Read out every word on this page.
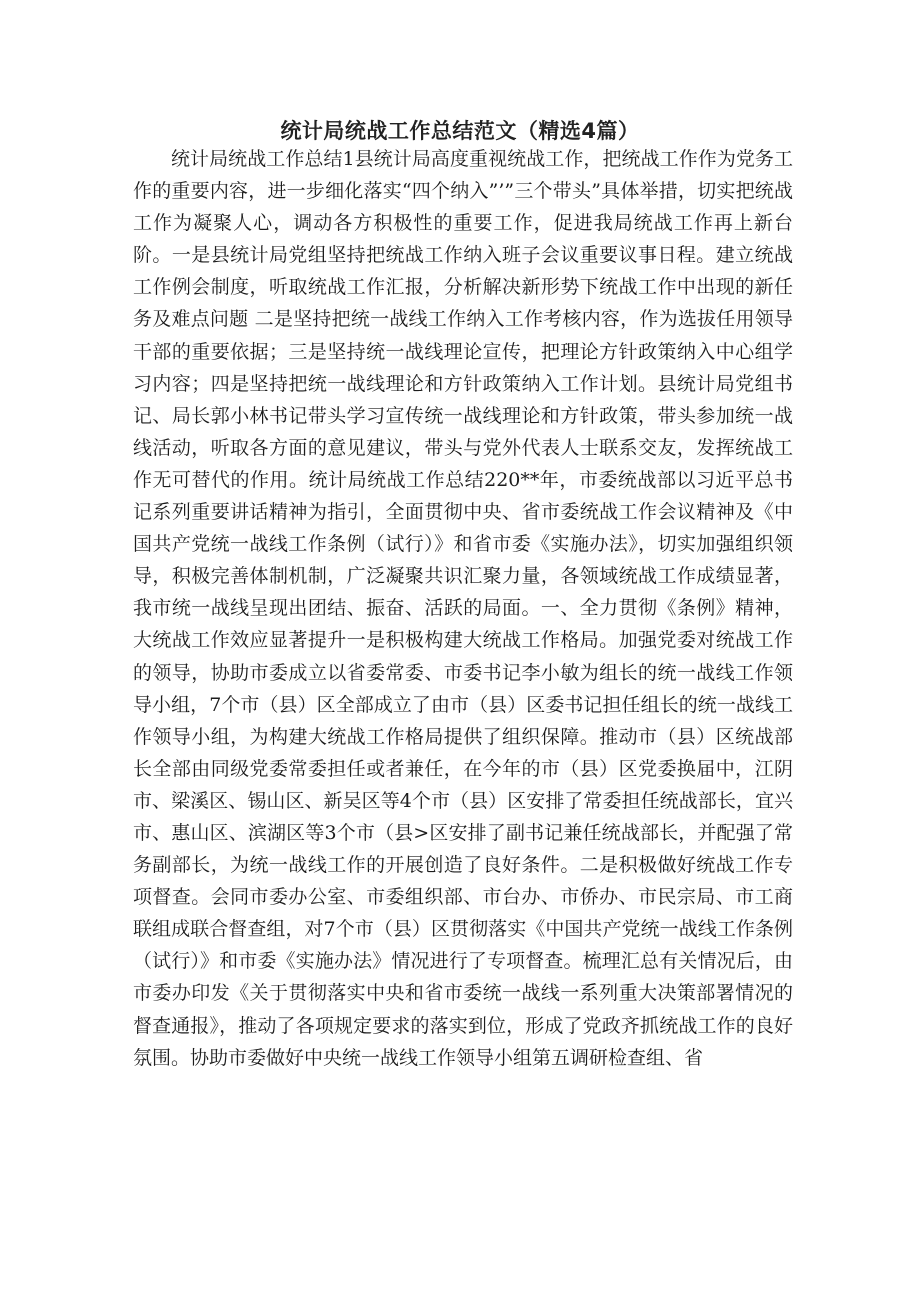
统计局统战工作总结范文（精选4篇）

统计局统战工作总结1县统计局高度重视统战工作，把统战工作作为党务工作的重要内容，进一步细化落实“四个纳入”’”三个带头”具体举措，切实把统战工作为凝聚人心，调动各方积极性的重要工作，促进我局统战工作再上新台阶。一是县统计局党组坚持把统战工作纳入班子会议重要议事日程。建立统战工作例会制度，听取统战工作汇报，分析解决新形势下统战工作中出现的新任务及难点问题 二是坚持把统一战线工作纳入工作考核内容，作为选拔任用领导干部的重要依据；三是坚持统一战线理论宣传，把理论方针政策纳入中心组学习内容；四是坚持把统一战线理论和方针政策纳入工作计划。县统计局党组书记、局长郭小林书记带头学习宣传统一战线理论和方针政策，带头参加统一战线活动，听取各方面的意见建议，带头与党外代表人士联系交友，发挥统战工作无可替代的作用。统计局统战工作总结220**年，市委统战部以习近平总书记系列重要讲话精神为指引，全面贯彻中央、省市委统战工作会议精神及《中国共产党统一战线工作条例（试行）》和省市委《实施办法》，切实加强组织领导，积极完善体制机制，广泛凝聚共识汇聚力量，各领域统战工作成绩显著，我市统一战线呈现出团结、振奋、活跃的局面。一、全力贯彻《条例》精神，大统战工作效应显著提升一是积极构建大统战工作格局。加强党委对统战工作的领导，协助市委成立以省委常委、市委书记李小敏为组长的统一战线工作领导小组，7个市（县）区全部成立了由市（县）区委书记担任组长的统一战线工作领导小组，为构建大统战工作格局提供了组织保障。推动市（县）区统战部长全部由同级党委常委担任或者兼任，在今年的市（县）区党委换届中，江阴市、梁溪区、锡山区、新吴区等4个市（县）区安排了常委担任统战部长，宜兴市、惠山区、滨湖区等3个市（县>区安排了副书记兼任统战部长，并配强了常务副部长，为统一战线工作的开展创造了良好条件。二是积极做好统战工作专项督查。会同市委办公室、市委组织部、市台办、市侨办、市民宗局、市工商联组成联合督查组，对7个市（县）区贯彻落实《中国共产党统一战线工作条例（试行）》和市委《实施办法》情况进行了专项督查。梳理汇总有关情况后，由市委办印发《关于贯彻落实中央和省市委统一战线一系列重大决策部署情况的督查通报》，推动了各项规定要求的落实到位，形成了党政齐抓统战工作的良好氛围。协助市委做好中央统一战线工作领导小组第五调研检查组、省
